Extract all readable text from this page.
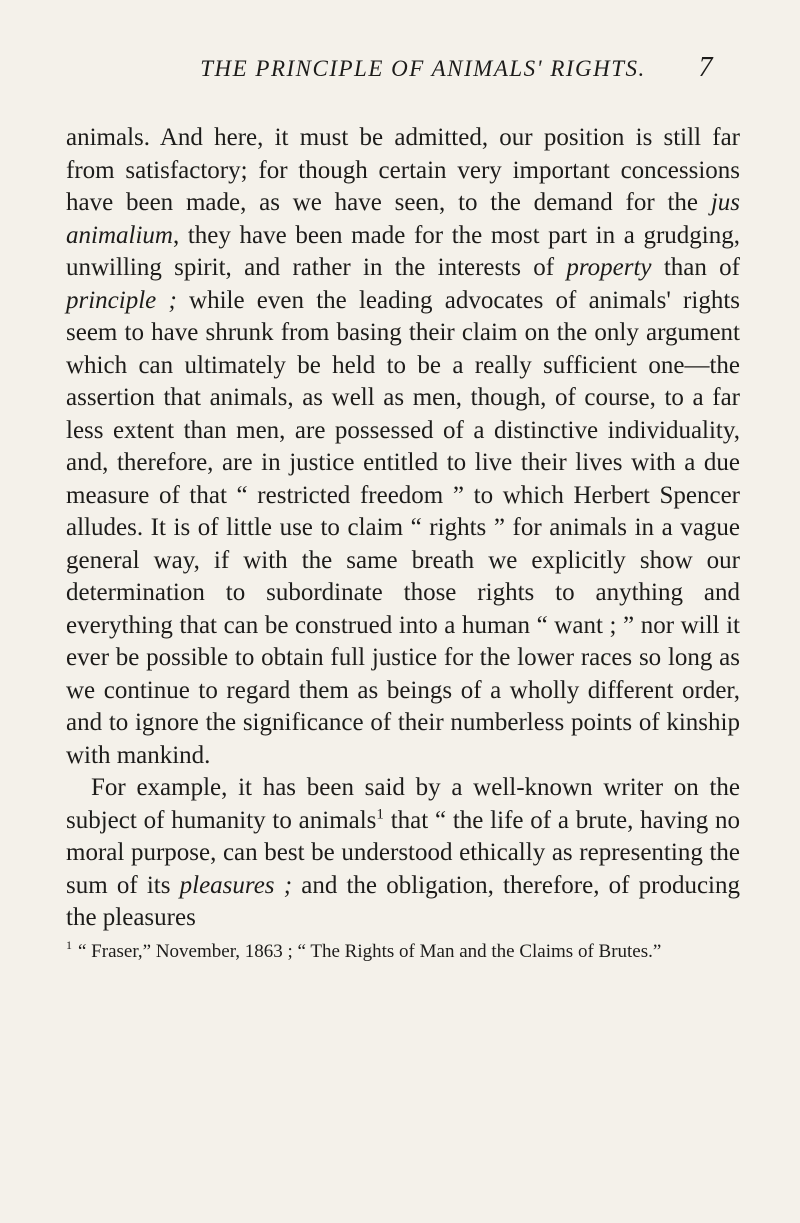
THE PRINCIPLE OF ANIMALS' RIGHTS. 7

animals. And here, it must be admitted, our position is still far from satisfactory; for though certain very important concessions have been made, as we have seen, to the demand for the jus animalium, they have been made for the most part in a grudging, unwilling spirit, and rather in the interests of property than of principle ; while even the leading advocates of animals' rights seem to have shrunk from basing their claim on the only argument which can ultimately be held to be a really sufficient one—the assertion that animals, as well as men, though, of course, to a far less extent than men, are possessed of a distinctive individuality, and, therefore, are in justice entitled to live their lives with a due measure of that “ restricted freedom ” to which Herbert Spencer alludes. It is of little use to claim “ rights ” for animals in a vague general way, if with the same breath we explicitly show our determination to subordinate those rights to anything and everything that can be construed into a human “ want ; ” nor will it ever be possible to obtain full justice for the lower races so long as we continue to regard them as beings of a wholly different order, and to ignore the significance of their numberless points of kinship with mankind.

For example, it has been said by a well-known writer on the subject of humanity to animals$^1$ that “ the life of a brute, having no moral purpose, can best be understood ethically as representing the sum of its pleasures ; and the obligation, therefore, of producing the pleasures

$^1$ “ Fraser,” November, 1863 ; “ The Rights of Man and the Claims of Brutes.”
